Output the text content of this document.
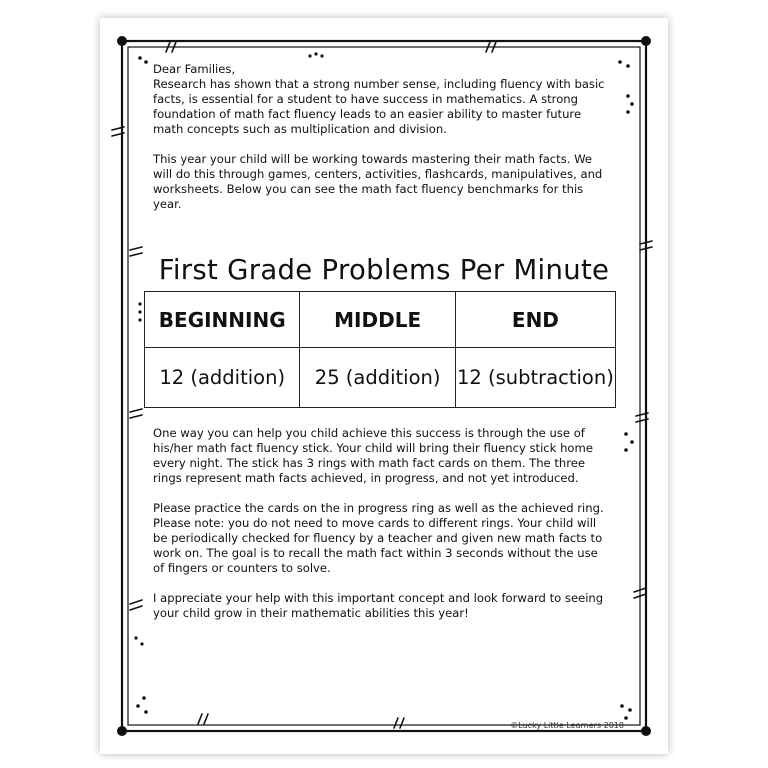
Dear Families,

Research has shown that a strong number sense, including fluency with basic
facts, is essential for a student to have success in mathematics. A strong
foundation of math fact fluency leads to an easier ability to master future
math concepts such as multiplication and division.

This year your child will be working towards mastering their math facts. We
will do this through games, centers, activities, flashcards, manipulatives, and
worksheets. Below you can see the math fact fluency benchmarks for this
year.

First Grade Problems Per Minute
BEGINNING	MIDDLE	END
12 (addition)	25 (addition)	12 (subtraction)

One way you can help you child achieve this success is through the use of
his/her math fact fluency stick. Your child will bring their fluency stick home
every night. The stick has 3 rings with math fact cards on them. The three
rings represent math facts achieved, in progress, and not yet introduced.

Please practice the cards on the in progress ring as well as the achieved ring.
Please note: you do not need to move cards to different rings. Your child will
be periodically checked for fluency by a teacher and given new math facts to
work on. The goal is to recall the math fact within 3 seconds without the use
of fingers or counters to solve.

I appreciate your help with this important concept and look forward to seeing
your child grow in their mathematic abilities this year!

©Lucky Little Learners 2018
